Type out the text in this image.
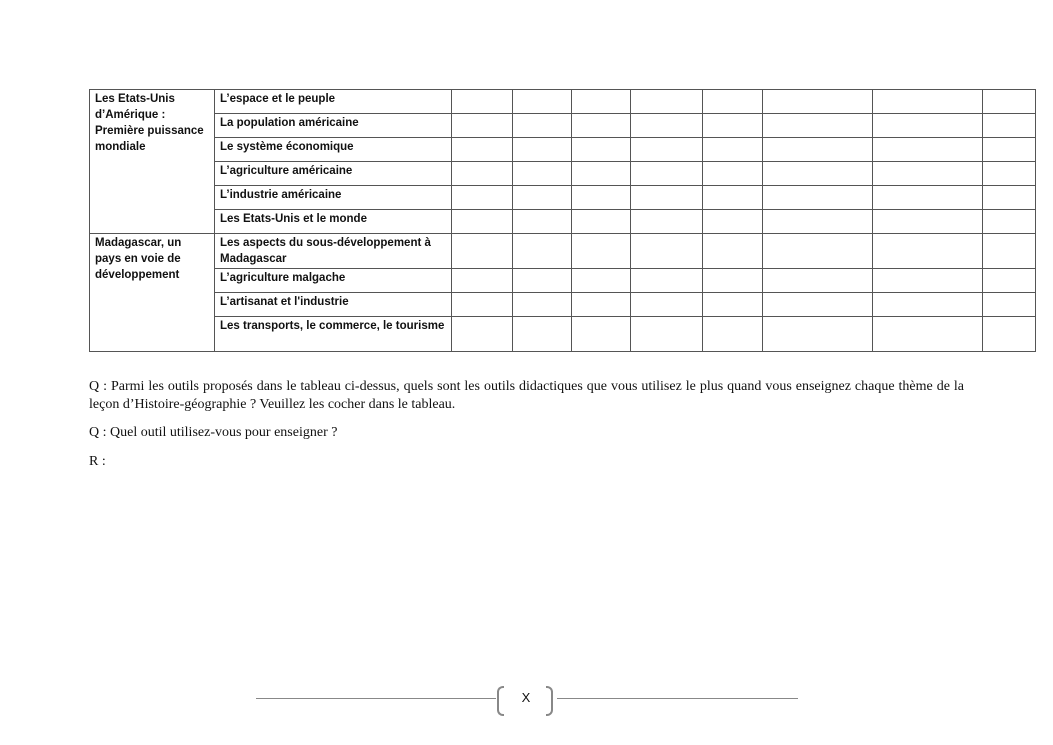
Les Etats-Unis d’Amérique : Première puissance mondiale	L’espace et le peuple								
	La population américaine								
	Le système économique								
	L’agriculture américaine								
	L’industrie américaine								
	Les Etats-Unis et le monde								
Madagascar, un pays en voie de développement	Les aspects du sous-développement à Madagascar								
	L’agriculture malgache								
	L’artisanat et l'industrie								
	Les transports, le commerce, le tourisme								

Q : Parmi les outils proposés dans le tableau ci-dessus, quels sont les outils didactiques que vous utilisez le plus quand vous enseignez chaque thème de la leçon d’Histoire-géographie ? Veuillez les cocher dans le tableau.

Q : Quel outil utilisez-vous pour enseigner ?

R :

X
